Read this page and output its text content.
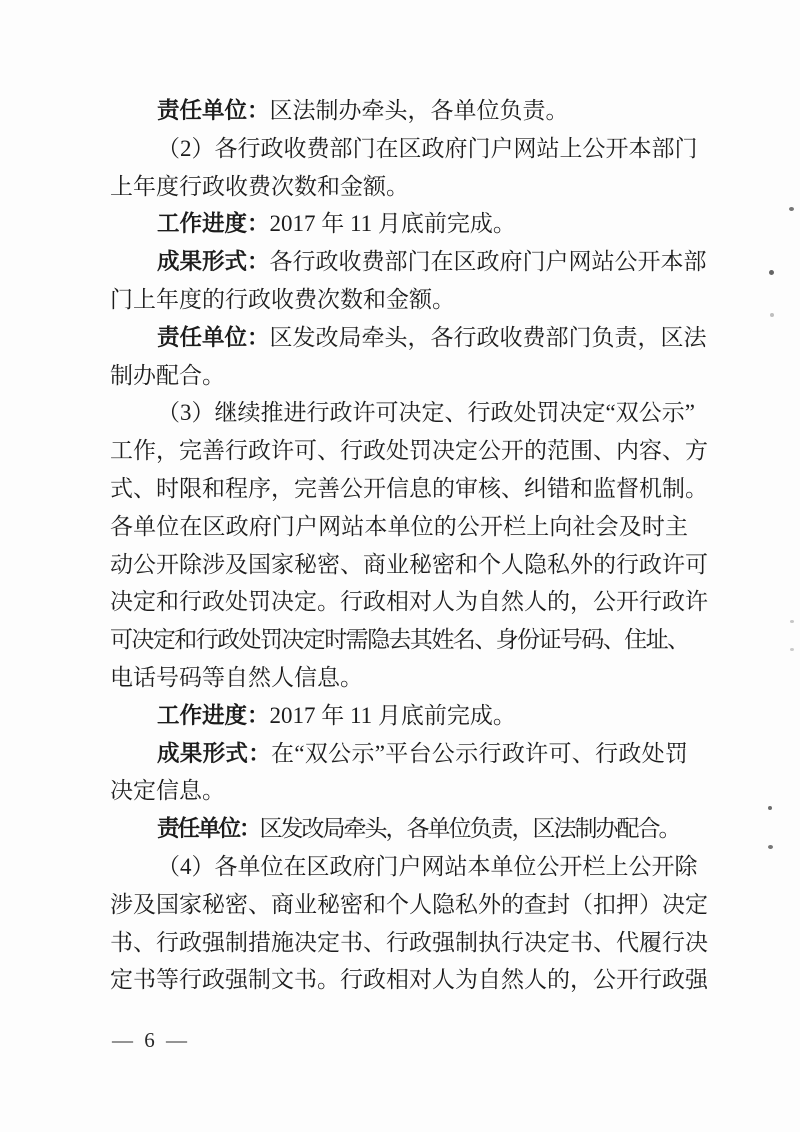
责任单位：区法制办牵头，各单位负责。
（2）各行政收费部门在区政府门户网站上公开本部门
上年度行政收费次数和金额。
工作进度：2017 年 11 月底前完成。
成果形式：各行政收费部门在区政府门户网站公开本部
门上年度的行政收费次数和金额。
责任单位：区发改局牵头，各行政收费部门负责，区法
制办配合。
（3）继续推进行政许可决定、行政处罚决定“双公示”
工作，完善行政许可、行政处罚决定公开的范围、内容、方
式、时限和程序，完善公开信息的审核、纠错和监督机制。
各单位在区政府门户网站本单位的公开栏上向社会及时主
动公开除涉及国家秘密、商业秘密和个人隐私外的行政许可
决定和行政处罚决定。行政相对人为自然人的，公开行政许
可决定和行政处罚决定时需隐去其姓名、身份证号码、住址、
电话号码等自然人信息。
工作进度：2017 年 11 月底前完成。
成果形式：在“双公示”平台公示行政许可、行政处罚
决定信息。
责任单位：区发改局牵头，各单位负责，区法制办配合。
（4）各单位在区政府门户网站本单位公开栏上公开除
涉及国家秘密、商业秘密和个人隐私外的查封（扣押）决定
书、行政强制措施决定书、行政强制执行决定书、代履行决
定书等行政强制文书。行政相对人为自然人的，公开行政强
— 6 —
